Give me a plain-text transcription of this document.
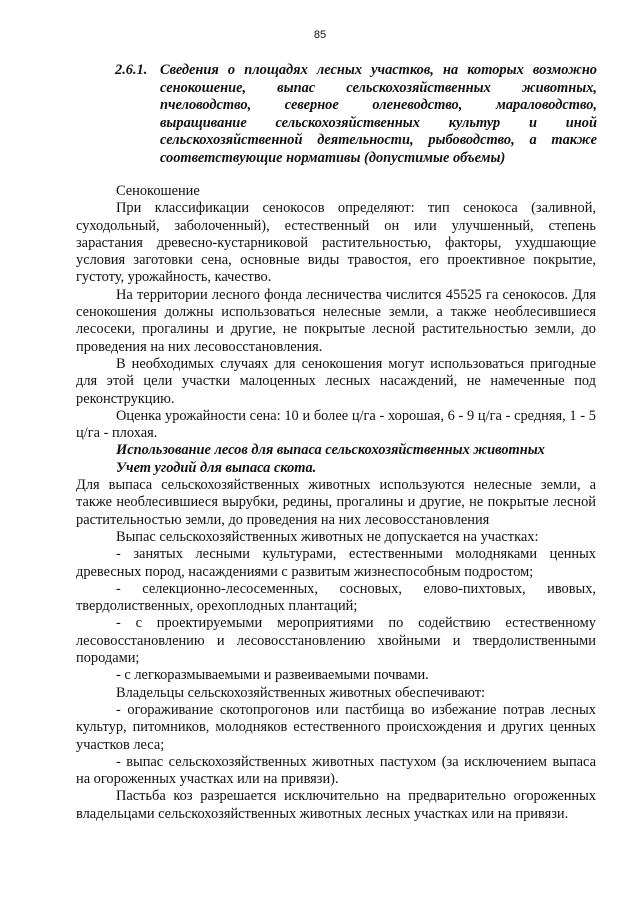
85
2.6.1. Сведения о площадях лесных участков, на которых возможно сенокошение, выпас сельскохозяйственных животных, пчеловодство, северное оленеводство, мараловодство, выращивание сельскохозяйственных культур и иной сельскохозяйственной деятельности, рыбоводство, а также соответствующие нормативы (допустимые объемы)

Сенокошение

При классификации сенокосов определяют: тип сенокоса (заливной, суходольный, заболоченный), естественный он или улучшенный, степень зарастания древесно-кустарниковой растительностью, факторы, ухудшающие условия заготовки сена, основные виды травостоя, его проективное покрытие, густоту, урожайность, качество.

На территории лесного фонда лесничества числится 45525 га сенокосов. Для сенокошения должны использоваться нелесные земли, а также необлесившиеся лесосеки, прогалины и другие, не покрытые лесной растительностью земли, до проведения на них лесовосстановления.

В необходимых случаях для сенокошения могут использоваться пригодные для этой цели участки малоценных лесных насаждений, не намеченные под реконструкцию.

Оценка урожайности сена: 10 и более ц/га - хорошая, 6 - 9 ц/га - средняя, 1 - 5 ц/га - плохая.

Использование лесов для выпаса сельскохозяйственных животных

Учет угодий для выпаса скота.

Для выпаса сельскохозяйственных животных используются нелесные земли, а также необлесившиеся вырубки, редины, прогалины и другие, не покрытые лесной растительностью земли, до проведения на них лесовосстановления

Выпас сельскохозяйственных животных не допускается на участках:

- занятых лесными культурами, естественными молодняками ценных древесных пород, насаждениями с развитым жизнеспособным подростом;

- селекционно-лесосеменных, сосновых, елово-пихтовых, ивовых, твердолиственных, орехоплодных плантаций;

- с проектируемыми мероприятиями по содействию естественному лесовосстановлению и лесовосстановлению хвойными и твердолиственными породами;

- с легкоразмываемыми и развеиваемыми почвами.

Владельцы сельскохозяйственных животных обеспечивают:

- огораживание скотопрогонов или пастбища во избежание потрав лесных культур, питомников, молодняков естественного происхождения и других ценных участков леса;

- выпас сельскохозяйственных животных пастухом (за исключением выпаса на огороженных участках или на привязи).

Пастьба коз разрешается исключительно на предварительно огороженных владельцами сельскохозяйственных животных лесных участках или на привязи.
